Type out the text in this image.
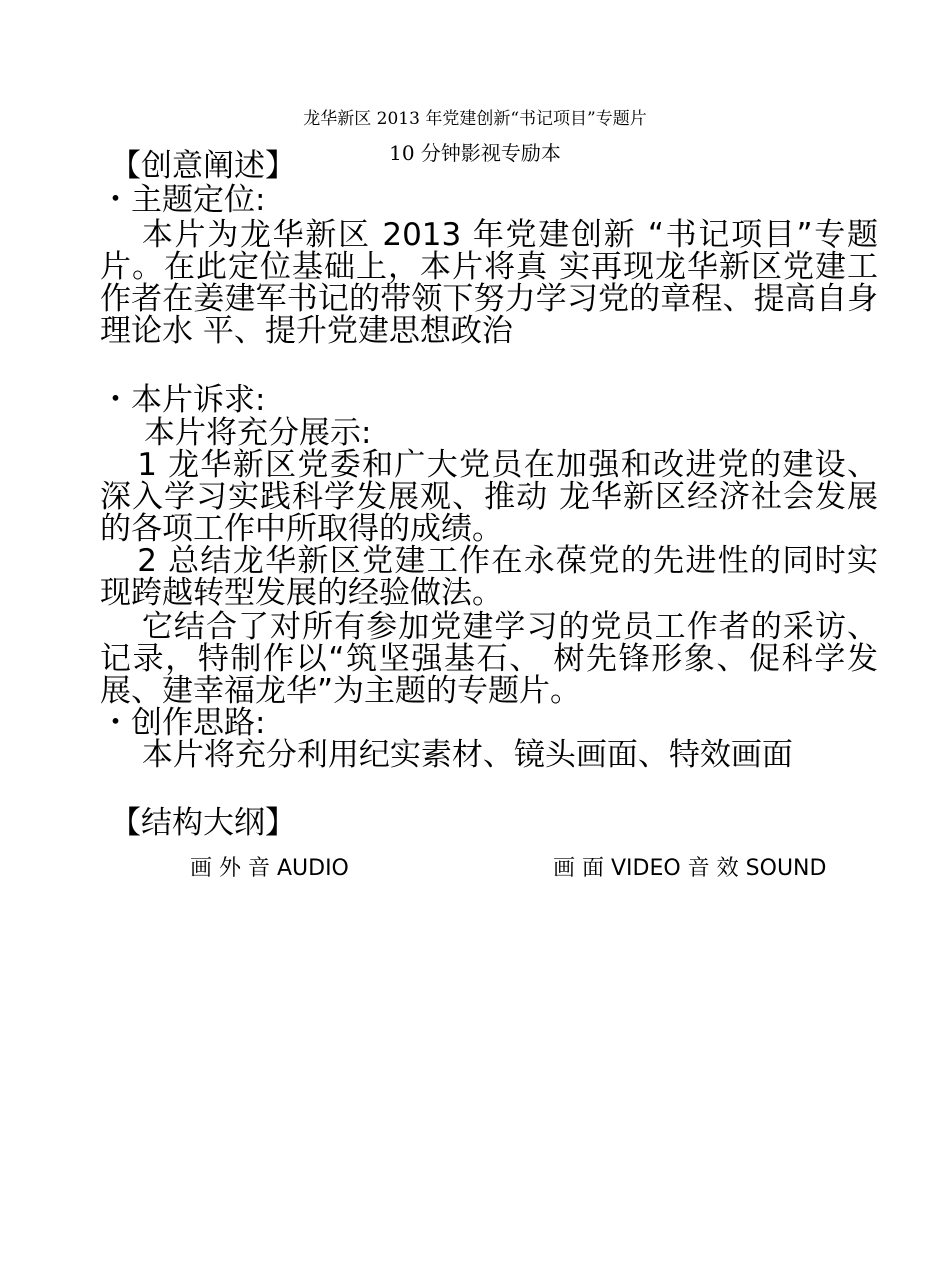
龙华新区 2013 年党建创新“书记项目”专题片
10 分钟影视专励本
【创意阐述】
・主题定位:
本片为龙华新区 2013 年党建创新 “书记项目”专题片。在此定位基础上，本片将真 实再现龙华新区党建工作者在姜建军书记的带领下努力学习党的章程、提高自身理论水 平、提升党建思想政治
・本片诉求:
本片将充分展示:
1 龙华新区党委和广大党员在加强和改进党的建设、深入学习实践科学发展观、推动 龙华新区经济社会发展的各项工作中所取得的成绩。
2 总结龙华新区党建工作在永葆党的先进性的同时实现跨越转型发展的经验做法。
它结合了对所有参加党建学习的党员工作者的采访、记录，特制作以“筑坚强基石、 树先锋形象、促科学发展、建幸福龙华”为主题的专题片。
・创作思路:
本片将充分利用纪实素材、镜头画面、特效画面
【结构大纲】
画 外 音 AUDIO	画 面 VIDEO 音 效 SOUND
